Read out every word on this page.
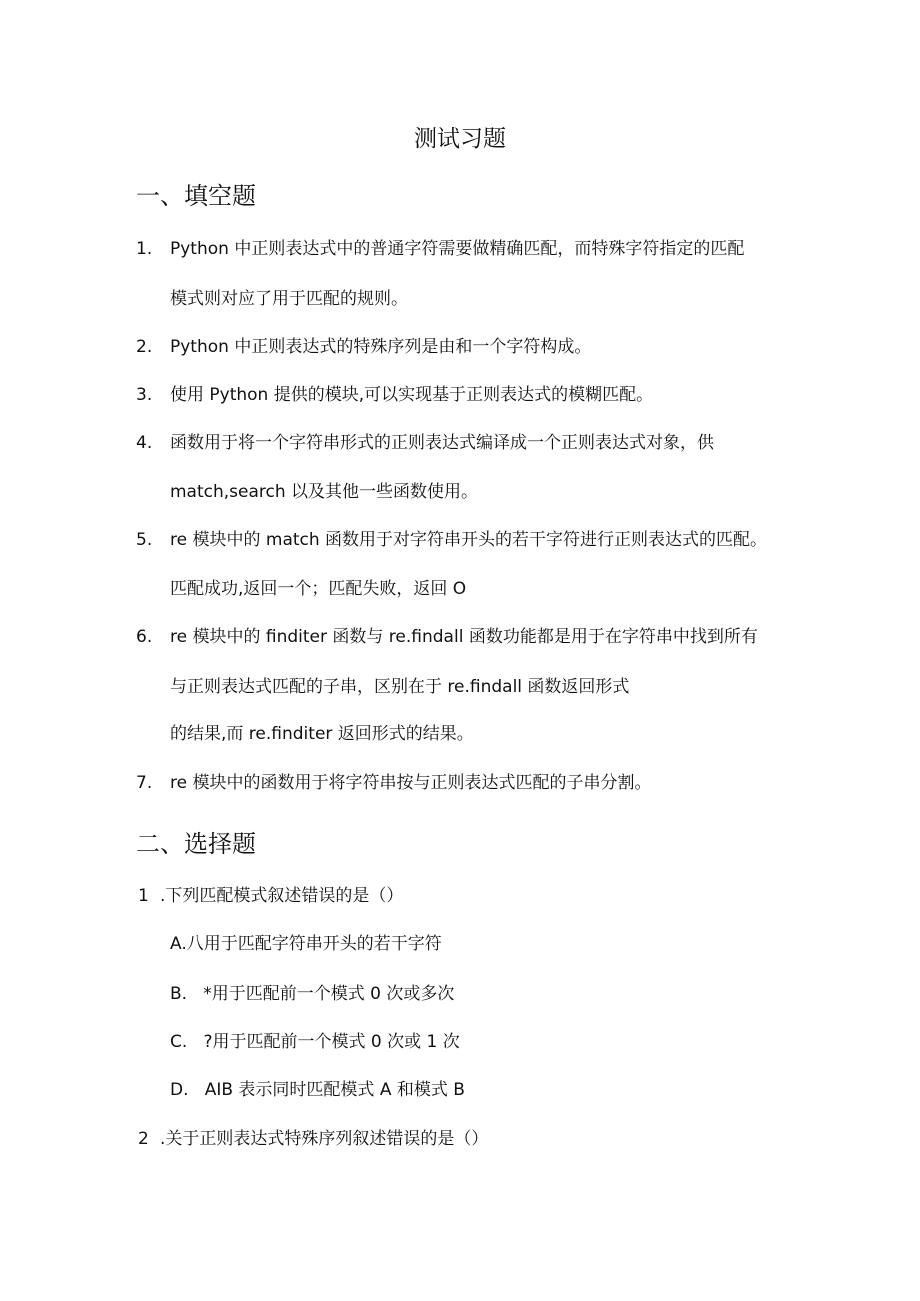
测试习题
一、填空题
1. Python 中正则表达式中的普通字符需要做精确匹配，而特殊字符指定的匹配
模式则对应了用于匹配的规则。
2. Python 中正则表达式的特殊序列是由和一个字符构成。
3. 使用 Python 提供的模块,可以实现基于正则表达式的模糊匹配。
4. 函数用于将一个字符串形式的正则表达式编译成一个正则表达式对象，供
match,search 以及其他一些函数使用。
5. re 模块中的 match 函数用于对字符串开头的若干字符进行正则表达式的匹配。
匹配成功,返回一个；匹配失败，返回 O
6. re 模块中的 finditer 函数与 re.findall 函数功能都是用于在字符串中找到所有
与正则表达式匹配的子串，区别在于 re.findall 函数返回形式
的结果,而 re.finditer 返回形式的结果。
7. re 模块中的函数用于将字符串按与正则表达式匹配的子串分割。
二、选择题
1 .下列匹配模式叙述错误的是（）
A.八用于匹配字符串开头的若干字符
B.   *用于匹配前一个模式 0 次或多次
C.   ?用于匹配前一个模式 0 次或 1 次
D.   AIB 表示同时匹配模式 A 和模式 B
2 .关于正则表达式特殊序列叙述错误的是（）
